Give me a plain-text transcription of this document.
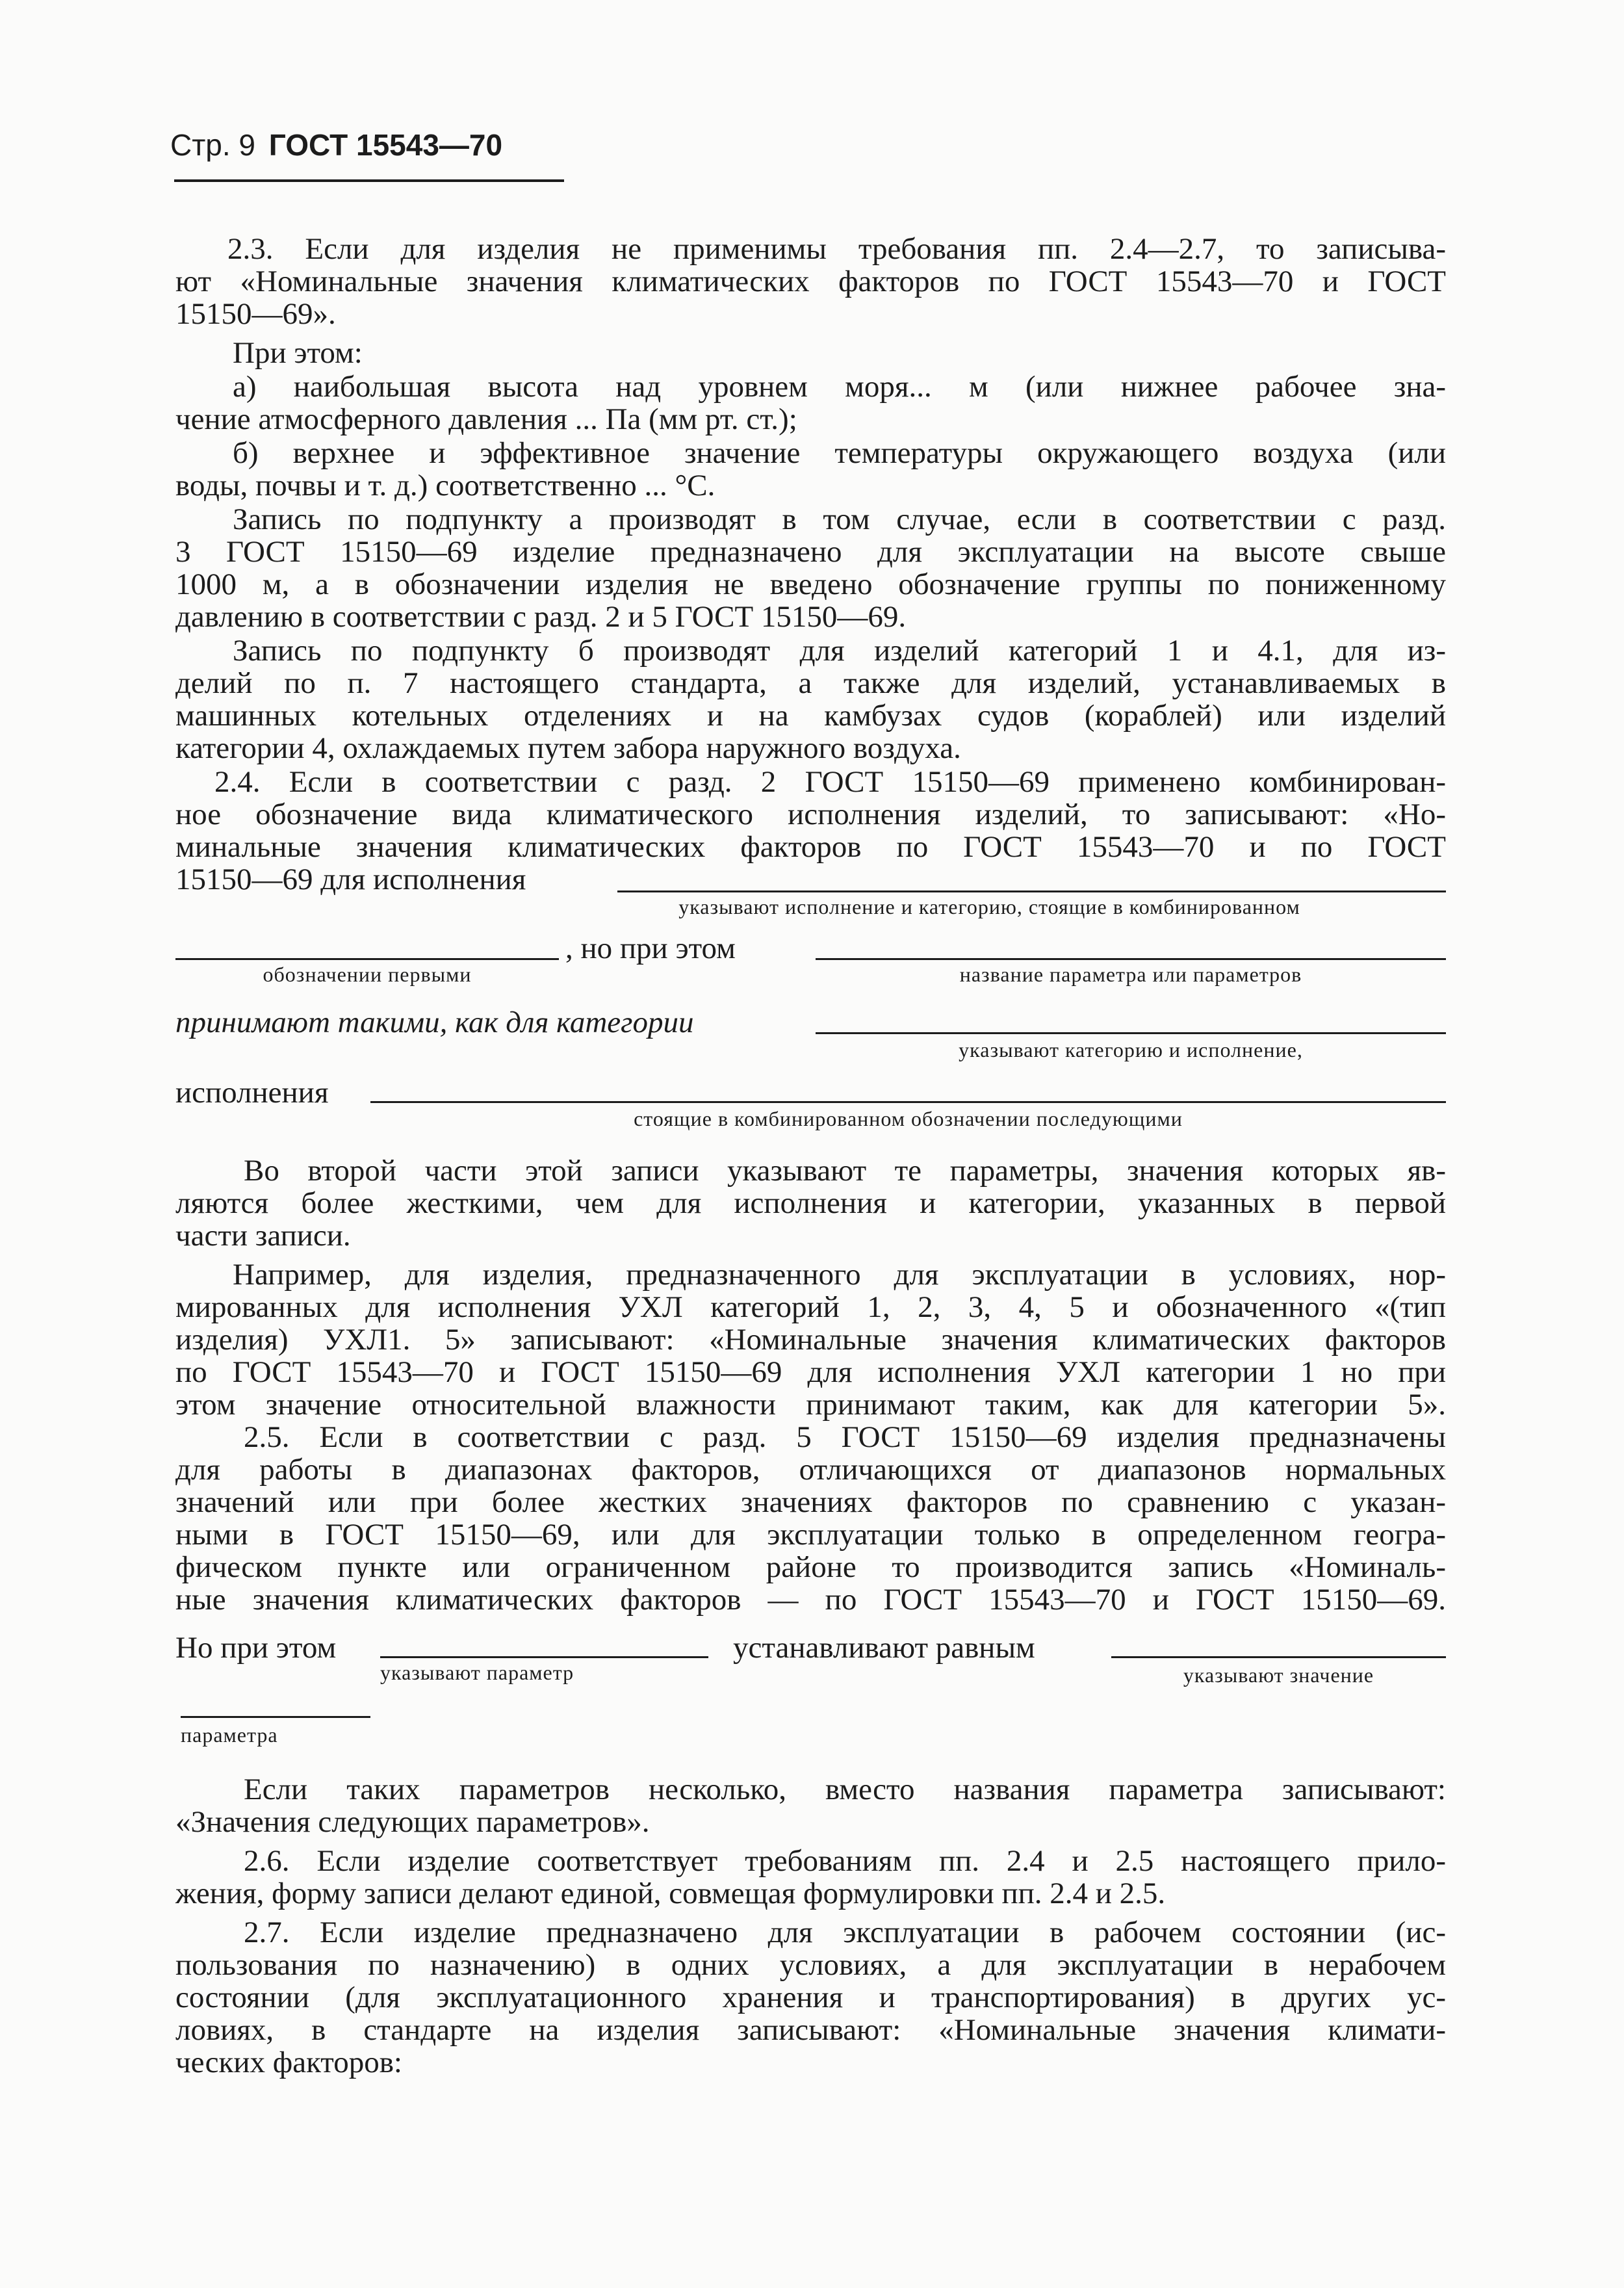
Стр. 9 ГОСТ 15543—70
2.3. Если для изделия не применимы требования пп. 2.4—2.7, то записыва-
ют «Номинальные значения климатических факторов по ГОСТ 15543—70 и ГОСТ
15150—69».
При этом:
а) наибольшая высота над уровнем моря... м (или нижнее рабочее зна-
чение атмосферного давления ... Па (мм рт. ст.);
б) верхнее и эффективное значение температуры окружающего воздуха (или
воды, почвы и т. д.) соответственно ... °С.
Запись по подпункту а производят в том случае, если в соответствии с разд.
3 ГОСТ 15150—69 изделие предназначено для эксплуатации на высоте свыше
1000 м, а в обозначении изделия не введено обозначение группы по пониженному
давлению в соответствии с разд. 2 и 5 ГОСТ 15150—69.
Запись по подпункту б производят для изделий категорий 1 и 4.1, для из-
делий по п. 7 настоящего стандарта, а также для изделий, устанавливаемых в
машинных котельных отделениях и на камбузах судов (кораблей) или изделий
категории 4, охлаждаемых путем забора наружного воздуха.
2.4. Если в соответствии с разд. 2 ГОСТ 15150—69 применено комбинирован-
ное обозначение вида климатического исполнения изделий, то записывают: «Но-
минальные значения климатических факторов по ГОСТ 15543—70 и по ГОСТ
15150—69 для исполнения
указывают исполнение и категорию, стоящие в комбинированном
, но при этом
обозначении первыми	название параметра или параметров
принимают такими, как для категории
указывают категорию и исполнение,
исполнения
стоящие в комбинированном обозначении последующими
Во второй части этой записи указывают те параметры, значения которых яв-
ляются более жесткими, чем для исполнения и категории, указанных в первой
части записи.
Например, для изделия, предназначенного для эксплуатации в условиях, нор-
мированных для исполнения УХЛ категорий 1, 2, 3, 4, 5 и обозначенного «(тип
изделия) УХЛ1. 5» записывают: «Номинальные значения климатических факторов
по ГОСТ 15543—70 и ГОСТ 15150—69 для исполнения УХЛ категории 1 но при
этом значение относительной влажности принимают таким, как для категории 5».
2.5. Если в соответствии с разд. 5 ГОСТ 15150—69 изделия предназначены
для работы в диапазонах факторов, отличающихся от диапазонов нормальных
значений или при более жестких значениях факторов по сравнению с указан-
ными в ГОСТ 15150—69, или для эксплуатации только в определенном геогра-
фическом пункте или ограниченном районе то производится запись «Номиналь-
ные значения климатических факторов — по ГОСТ 15543—70 и ГОСТ 15150—69.
Но при этом
указывают параметр
устанавливают равным
указывают значение
параметра
Если таких параметров несколько, вместо названия параметра записывают:
«Значения следующих параметров».
2.6. Если изделие соответствует требованиям пп. 2.4 и 2.5 настоящего прило-
жения, форму записи делают единой, совмещая формулировки пп. 2.4 и 2.5.
2.7. Если изделие предназначено для эксплуатации в рабочем состоянии (ис-
пользования по назначению) в одних условиях, а для эксплуатации в нерабочем
состоянии (для эксплуатационного хранения и транспортирования) в других ус-
ловиях, в стандарте на изделия записывают: «Номинальные значения климати-
ческих факторов:
